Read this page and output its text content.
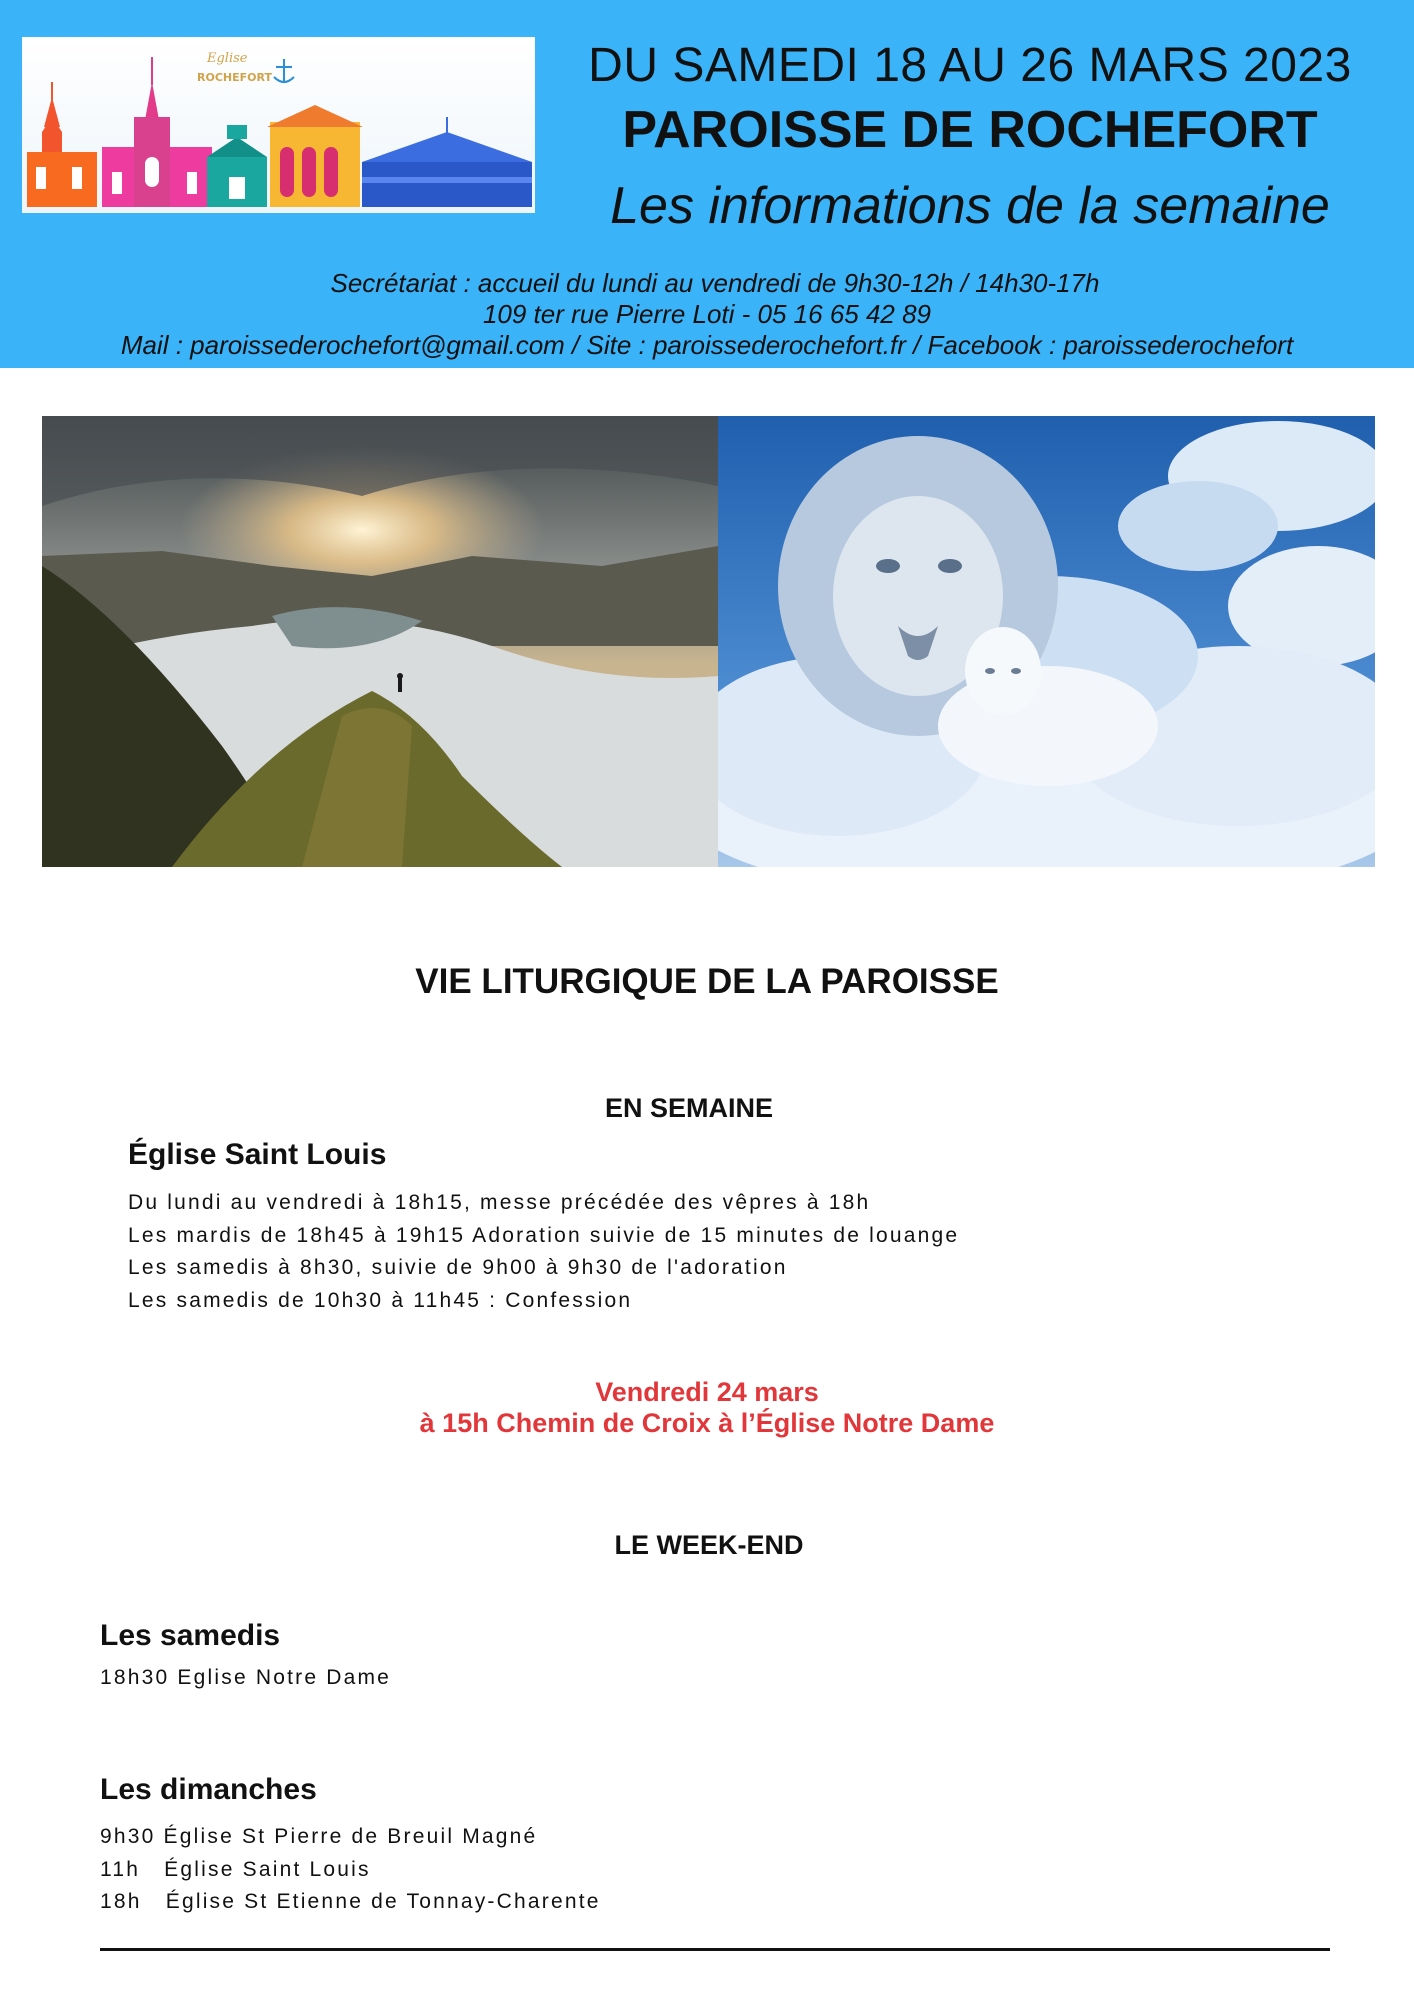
Eglise
ROCHEFORT	DU SAMEDI 18 AU 26 MARS 2023
PAROISSE DE ROCHEFORT
Les informations de la semaine
Secrétariat : accueil du lundi au vendredi de 9h30-12h / 14h30-17h
109 ter rue Pierre Loti - 05 16 65 42 89
Mail : paroissederochefort@gmail.com / Site : paroissederochefort.fr / Facebook : paroissederochefort
VIE LITURGIQUE DE LA PAROISSE
EN SEMAINE
Église Saint Louis
Du lundi au vendredi à 18h15, messe précédée des vêpres à 18h
Les mardis de 18h45 à 19h15 Adoration suivie de 15 minutes de louange
Les samedis à 8h30, suivie de 9h00 à 9h30 de l'adoration
Les samedis de 10h30 à 11h45 : Confession
Vendredi 24 mars
à 15h Chemin de Croix à l’Église Notre Dame
LE WEEK-END
Les samedis
18h30 Eglise Notre Dame
Les dimanches
9h30 Église St Pierre de Breuil Magné
11h   Église Saint Louis
18h   Église St Etienne de Tonnay-Charente
